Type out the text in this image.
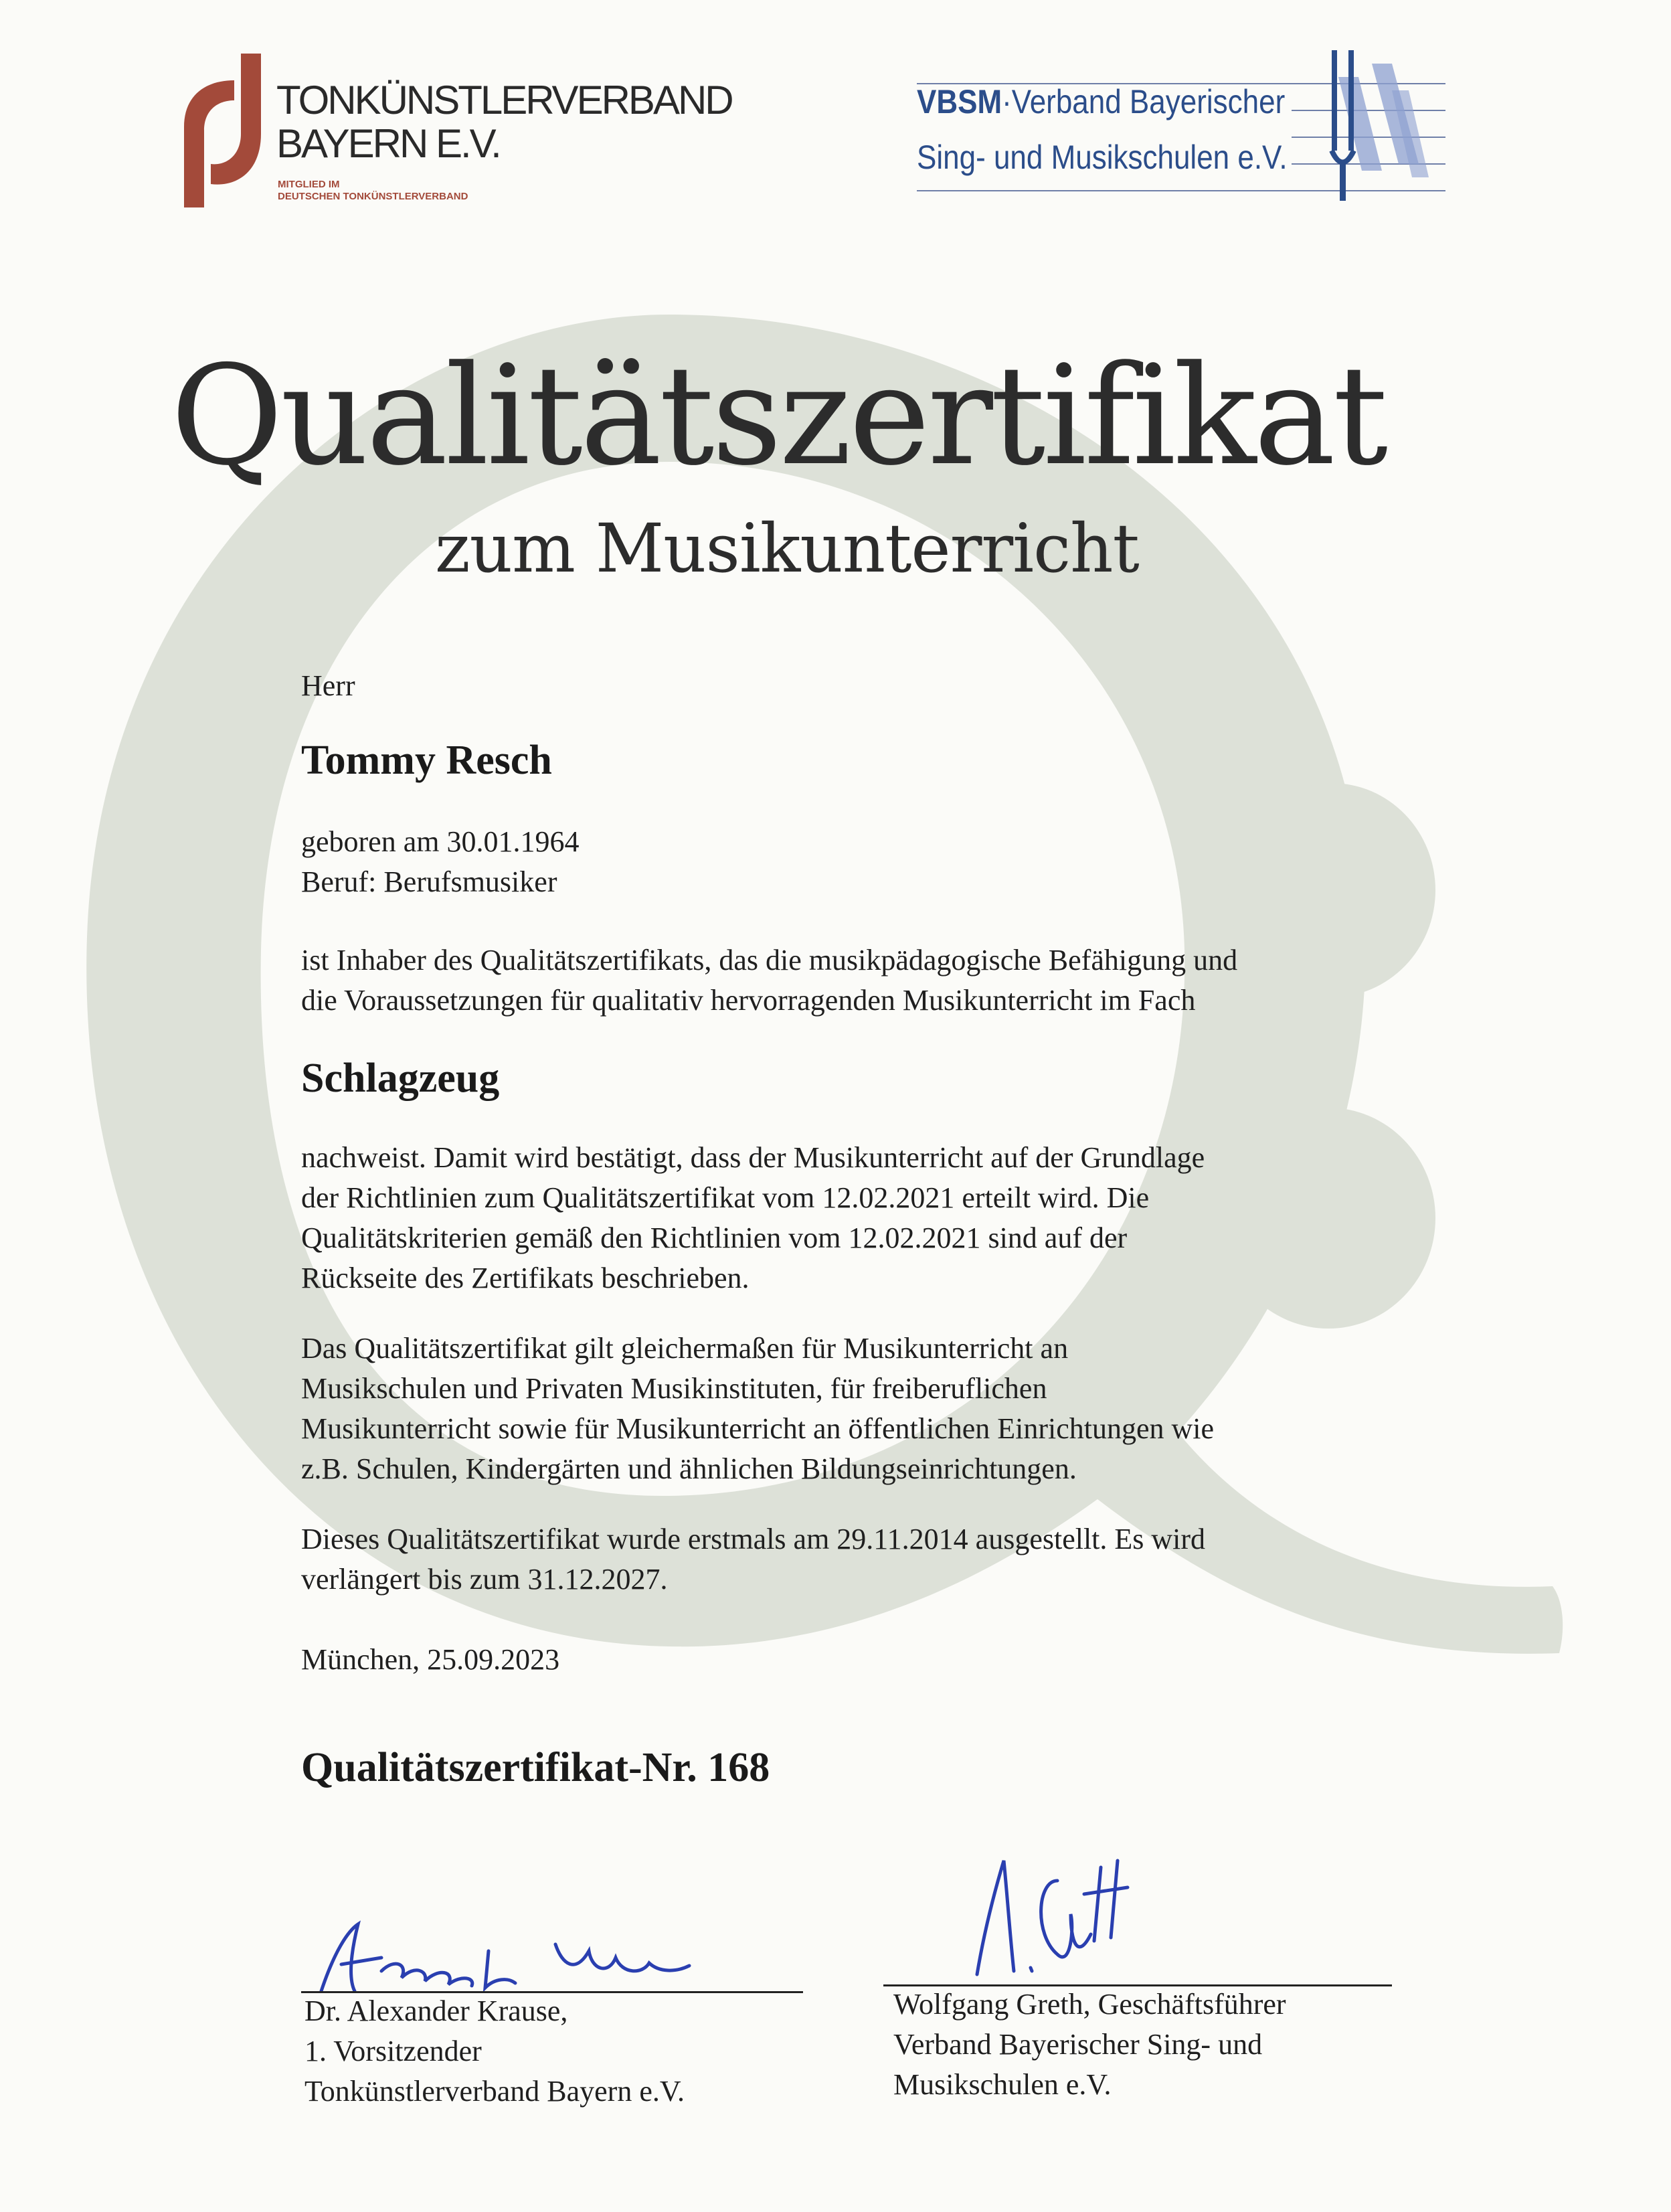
TONKÜNSTLERVERBAND
BAYERN E.V.
MITGLIED IM
DEUTSCHEN TONKÜNSTLERVERBAND
VBSM·Verband Bayerischer
Sing- und Musikschulen e.V.
Qualitätszertifikat
zum Musikunterricht
Herr
Tommy Resch
geboren am 30.01.1964
Beruf: Berufsmusiker
ist Inhaber des Qualitätszertifikats, das die musikpädagogische Befähigung und
die Voraussetzungen für qualitativ hervorragenden Musikunterricht im Fach
Schlagzeug
nachweist. Damit wird bestätigt, dass der Musikunterricht auf der Grundlage
der Richtlinien zum Qualitätszertifikat vom 12.02.2021 erteilt wird. Die
Qualitätskriterien gemäß den Richtlinien vom 12.02.2021 sind auf der
Rückseite des Zertifikats beschrieben.
Das Qualitätszertifikat gilt gleichermaßen für Musikunterricht an
Musikschulen und Privaten Musikinstituten, für freiberuflichen
Musikunterricht sowie für Musikunterricht an öffentlichen Einrichtungen wie
z.B. Schulen, Kindergärten und ähnlichen Bildungseinrichtungen.
Dieses Qualitätszertifikat wurde erstmals am 29.11.2014 ausgestellt. Es wird
verlängert bis zum 31.12.2027.
München, 25.09.2023
Qualitätszertifikat-Nr. 168
Dr. Alexander Krause,
1. Vorsitzender
Tonkünstlerverband Bayern e.V.
Wolfgang Greth, Geschäftsführer
Verband Bayerischer Sing- und
Musikschulen e.V.
